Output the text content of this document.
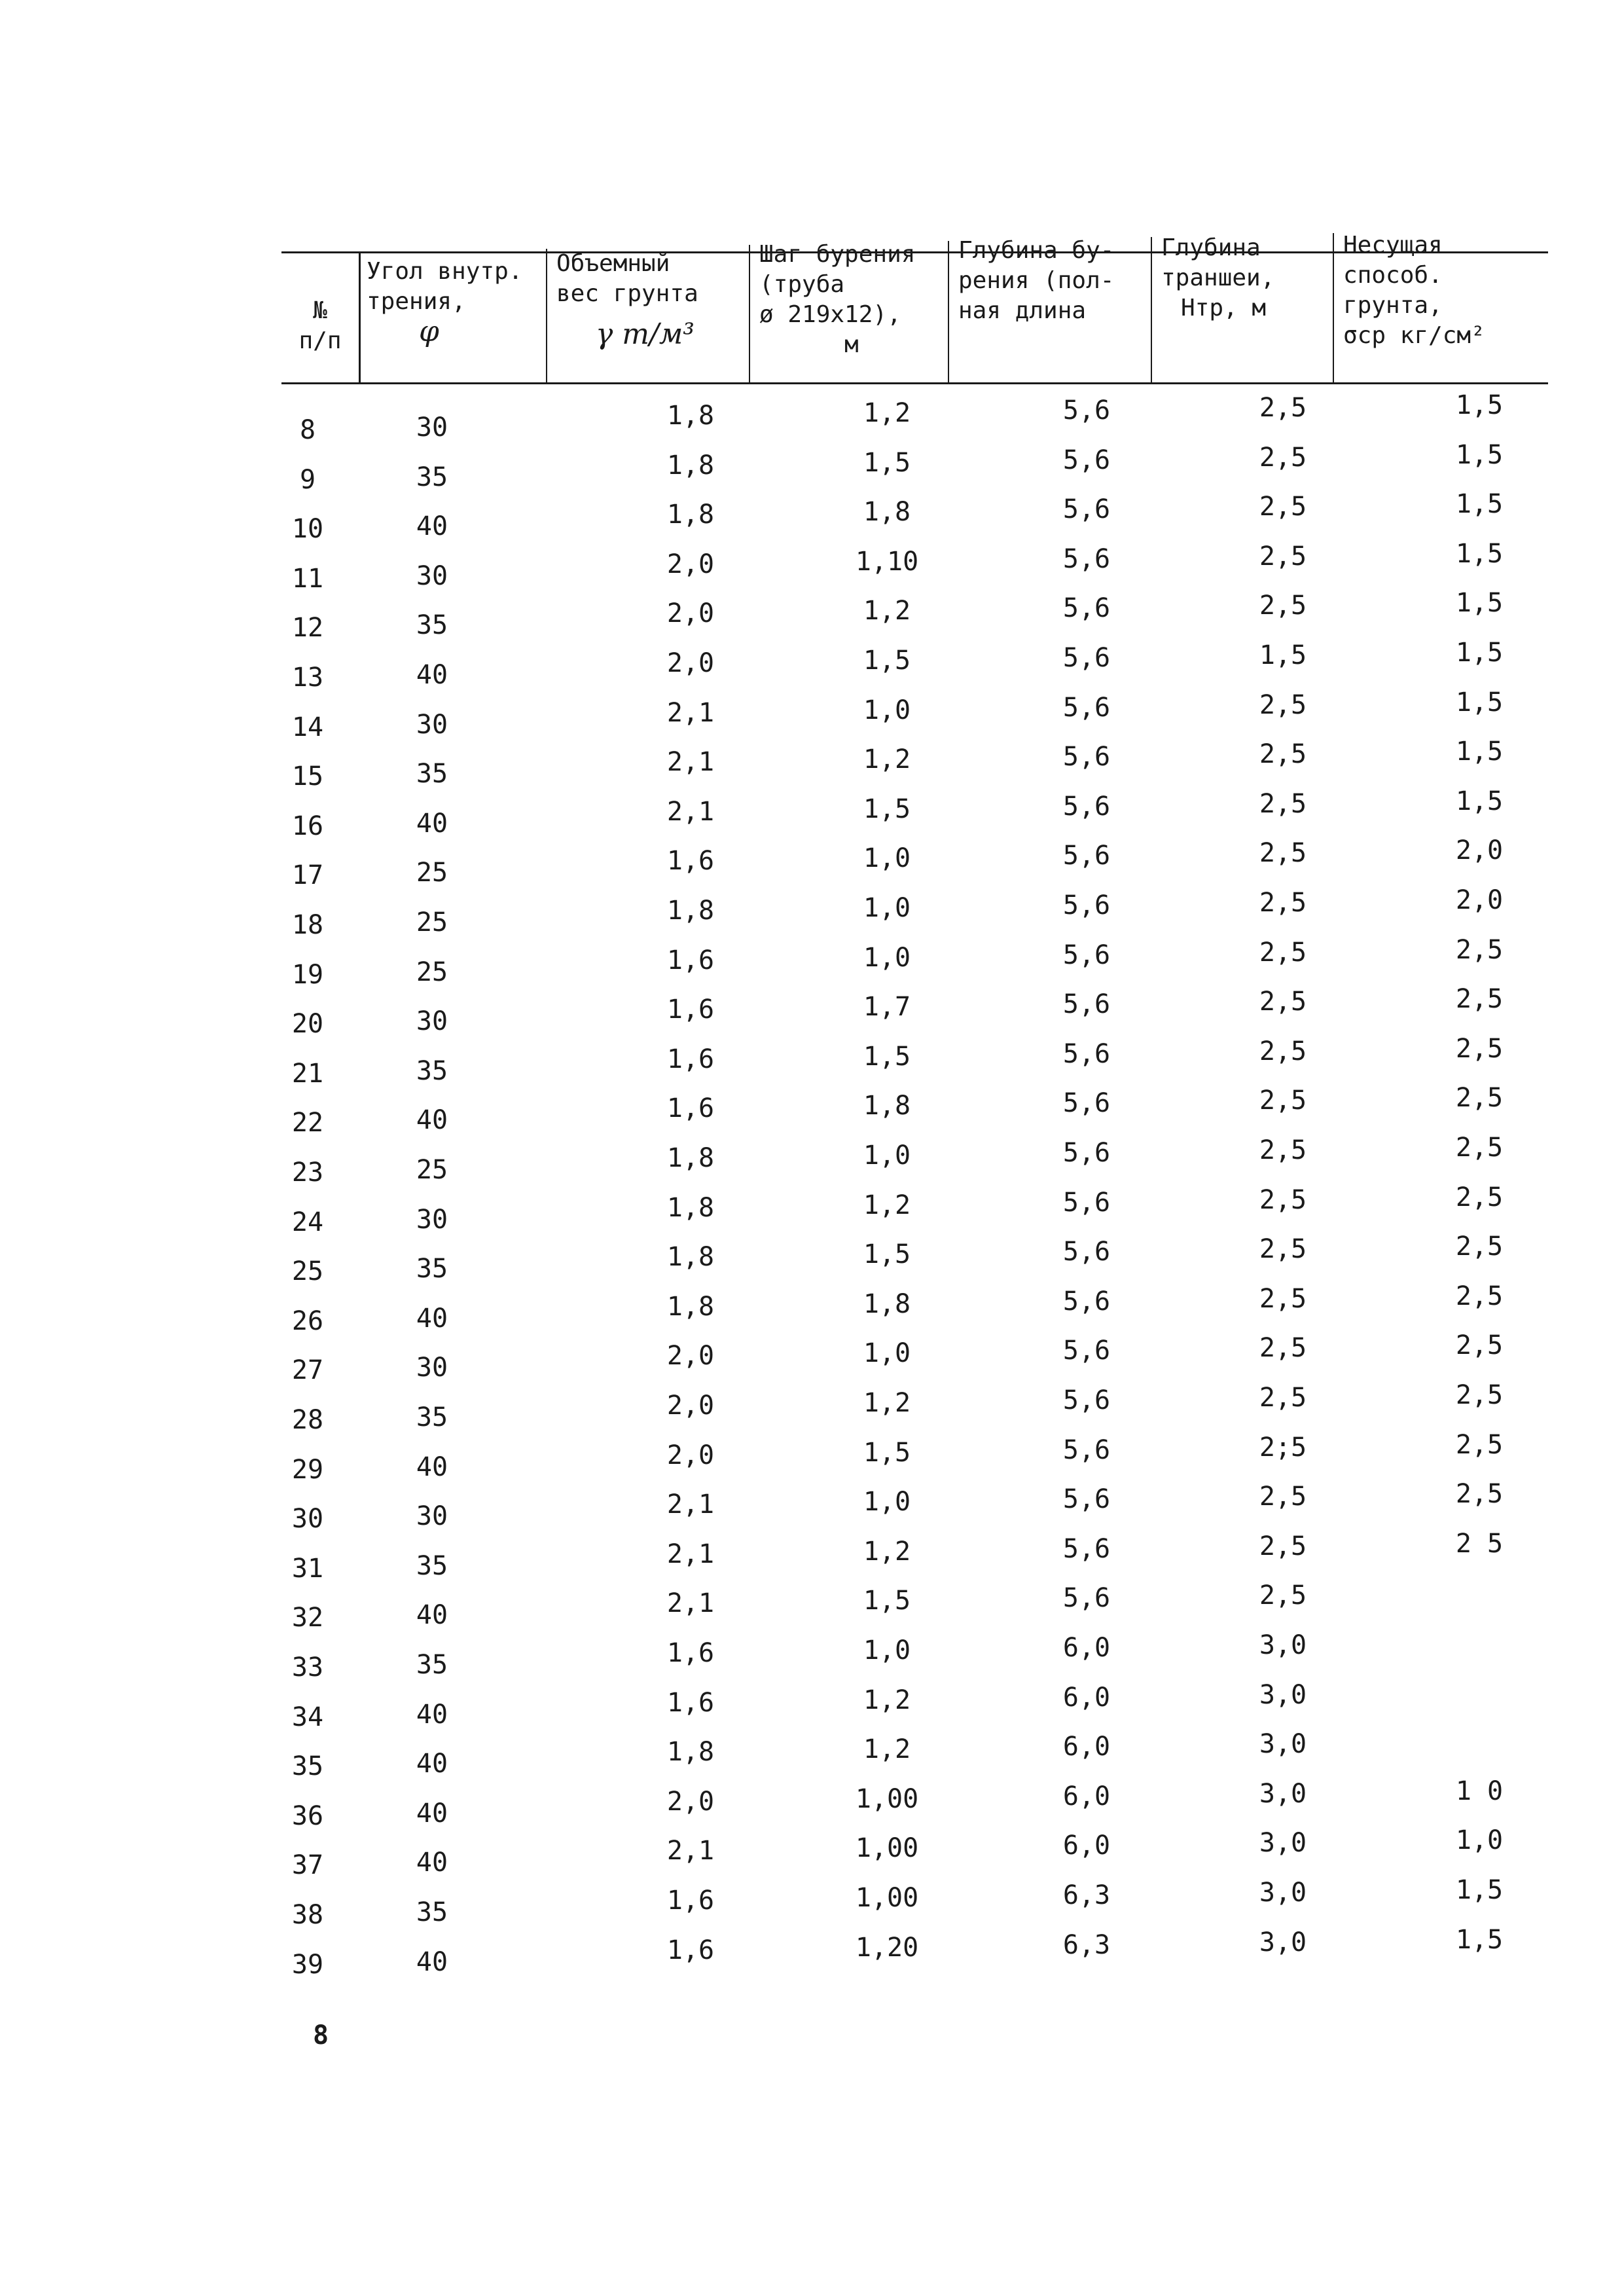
№
п/п
Угол внутр.
трения,
φ
Объемный
вес грунта
γ т/м³
Шаг бурения
(труба
ø 219x12),
м
Глубина бу-
рения (пол-
ная длина
Глубина
траншеи,
Hтр, м
Несущая
способ.
грунта,
σср кг/см²
8	30	1,8	1,2	5,6	2,5	1,5
9	35	1,8	1,5	5,6	2,5	1,5
10	40	1,8	1,8	5,6	2,5	1,5
11	30	2,0	1,10	5,6	2,5	1,5
12	35	2,0	1,2	5,6	2,5	1,5
13	40	2,0	1,5	5,6	1,5	1,5
14	30	2,1	1,0	5,6	2,5	1,5
15	35	2,1	1,2	5,6	2,5	1,5
16	40	2,1	1,5	5,6	2,5	1,5
17	25	1,6	1,0	5,6	2,5	2,0
18	25	1,8	1,0	5,6	2,5	2,0
19	25	1,6	1,0	5,6	2,5	2,5
20	30	1,6	1,7	5,6	2,5	2,5
21	35	1,6	1,5	5,6	2,5	2,5
22	40	1,6	1,8	5,6	2,5	2,5
23	25	1,8	1,0	5,6	2,5	2,5
24	30	1,8	1,2	5,6	2,5	2,5
25	35	1,8	1,5	5,6	2,5	2,5
26	40	1,8	1,8	5,6	2,5	2,5
27	30	2,0	1,0	5,6	2,5	2,5
28	35	2,0	1,2	5,6	2,5	2,5
29	40	2,0	1,5	5,6	2;5	2,5
30	30	2,1	1,0	5,6	2,5	2,5
31	35	2,1	1,2	5,6	2,5	2 5
32	40	2,1	1,5	5,6	2,5
33	35	1,6	1,0	6,0	3,0
34	40	1,6	1,2	6,0	3,0
35	40	1,8	1,2	6,0	3,0
36	40	2,0	1,00	6,0	3,0	1 0
37	40	2,1	1,00	6,0	3,0	1,0
38	35	1,6	1,00	6,3	3,0	1,5
39	40	1,6	1,20	6,3	3,0	1,5
8
